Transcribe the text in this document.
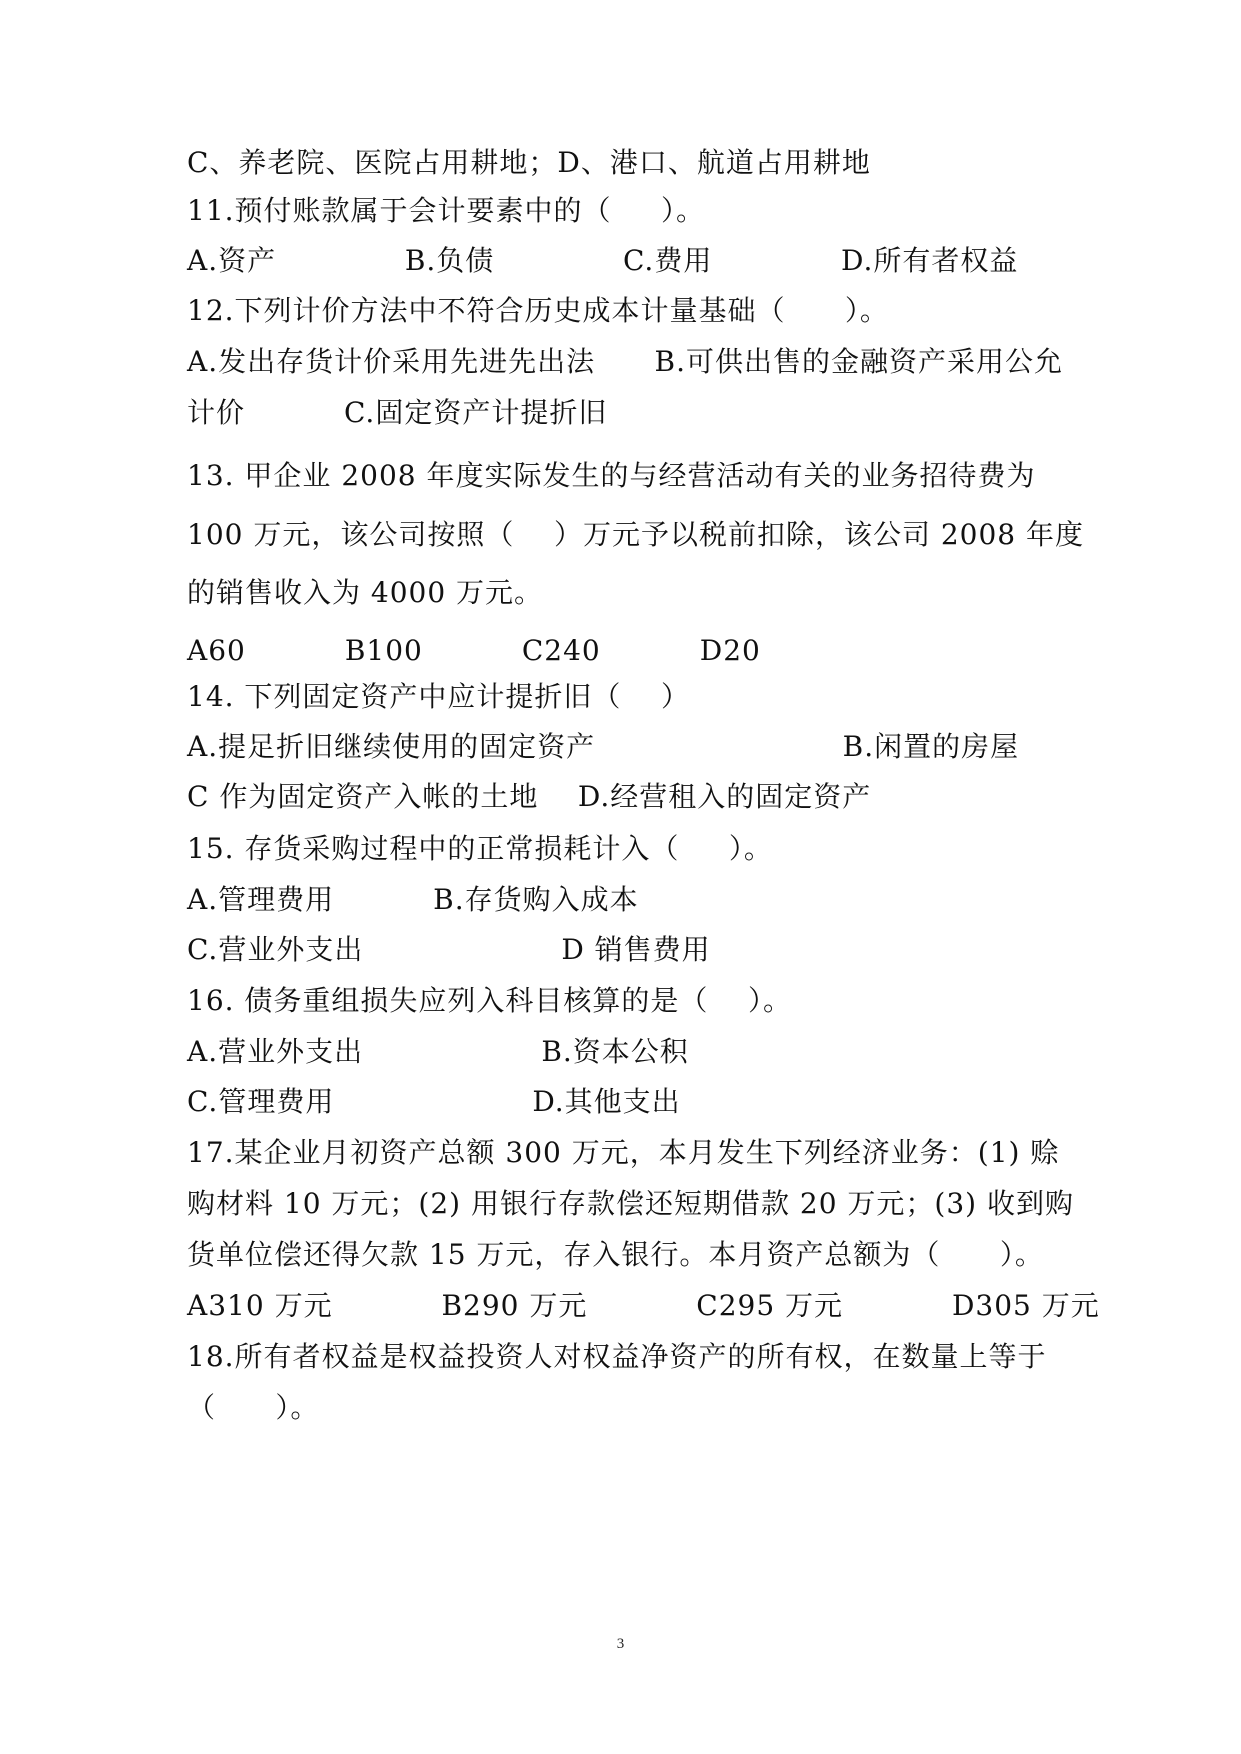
C、养老院、医院占用耕地；D、港口、航道占用耕地
11.预付账款属于会计要素中的（     ）。
A.资产             B.负债             C.费用             D.所有者权益
12.下列计价方法中不符合历史成本计量基础（      ）。
A.发出存货计价采用先进先出法      B.可供出售的金融资产采用公允
计价          C.固定资产计提折旧
13. 甲企业 2008 年度实际发生的与经营活动有关的业务招待费为
100 万元，该公司按照（    ）万元予以税前扣除，该公司 2008 年度
的销售收入为 4000 万元。
A60          B100          C240          D20
14. 下列固定资产中应计提折旧（    ）
A.提足折旧继续使用的固定资产                         B.闲置的房屋
C 作为固定资产入帐的土地    D.经营租入的固定资产
15. 存货采购过程中的正常损耗计入（     ）。
A.管理费用          B.存货购入成本
C.营业外支出                    D 销售费用
16. 债务重组损失应列入科目核算的是（    ）。
A.营业外支出                  B.资本公积
C.管理费用                    D.其他支出
17.某企业月初资产总额 300 万元，本月发生下列经济业务：(1) 赊
购材料 10 万元；(2) 用银行存款偿还短期借款 20 万元；(3) 收到购
货单位偿还得欠款 15 万元，存入银行。本月资产总额为（      ）。
A310 万元           B290 万元           C295 万元           D305 万元
18.所有者权益是权益投资人对权益净资产的所有权，在数量上等于
（      ）。
3
